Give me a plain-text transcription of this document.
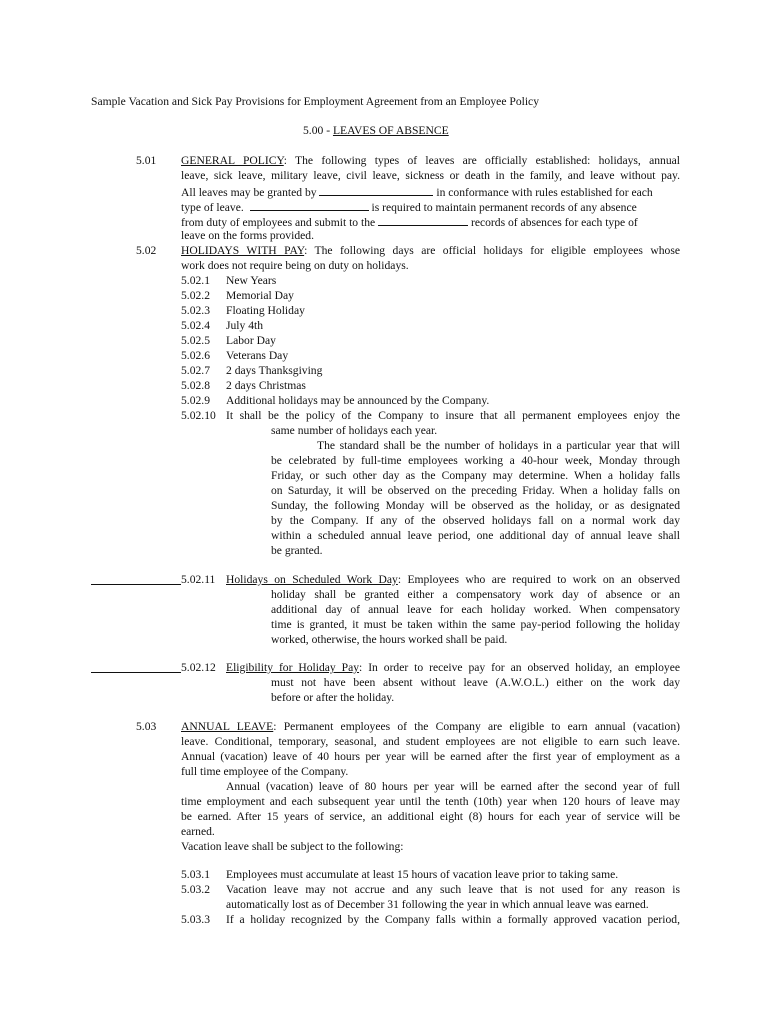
Sample Vacation and Sick Pay Provisions for Employment Agreement from an Employee Policy
5.00 - LEAVES OF ABSENCE
5.01 GENERAL POLICY: The following types of leaves are officially established: holidays, annual
leave, sick leave, military leave, civil leave, sickness or death in the family, and leave without pay.
All leaves may be granted by	in conformance with rules established for each
type of leave.	is required to maintain permanent records of any absence
from duty of employees and submit to the	records of absences for each type of
leave on the forms provided.
5.02 HOLIDAYS WITH PAY: The following days are official holidays for eligible employees whose
work does not require being on duty on holidays.
5.02.1 New Years
5.02.2 Memorial Day
5.02.3 Floating Holiday
5.02.4 July 4th
5.02.5 Labor Day
5.02.6 Veterans Day
5.02.7 2 days Thanksgiving
5.02.8 2 days Christmas
5.02.9 Additional holidays may be announced by the Company.
5.02.10 It shall be the policy of the Company to insure that all permanent employees enjoy the
same number of holidays each year.
The standard shall be the number of holidays in a particular year that will
be celebrated by full-time employees working a 40-hour week, Monday through
Friday, or such other day as the Company may determine. When a holiday falls
on Saturday, it will be observed on the preceding Friday. When a holiday falls on
Sunday, the following Monday will be observed as the holiday, or as designated
by the Company. If any of the observed holidays fall on a normal work day
within a scheduled annual leave period, one additional day of annual leave shall
be granted.
5.02.11 Holidays on Scheduled Work Day: Employees who are required to work on an observed
holiday shall be granted either a compensatory work day of absence or an
additional day of annual leave for each holiday worked. When compensatory
time is granted, it must be taken within the same pay-period following the holiday
worked, otherwise, the hours worked shall be paid.
5.02.12 Eligibility for Holiday Pay: In order to receive pay for an observed holiday, an employee
must not have been absent without leave (A.W.O.L.) either on the work day
before or after the holiday.
5.03 ANNUAL LEAVE: Permanent employees of the Company are eligible to earn annual (vacation)
leave. Conditional, temporary, seasonal, and student employees are not eligible to earn such leave.
Annual (vacation) leave of 40 hours per year will be earned after the first year of employment as a
full time employee of the Company.
Annual (vacation) leave of 80 hours per year will be earned after the second year of full
time employment and each subsequent year until the tenth (10th) year when 120 hours of leave may
be earned. After 15 years of service, an additional eight (8) hours for each year of service will be
earned.
Vacation leave shall be subject to the following:
5.03.1 Employees must accumulate at least 15 hours of vacation leave prior to taking same.
5.03.2 Vacation leave may not accrue and any such leave that is not used for any reason is
automatically lost as of December 31 following the year in which annual leave was earned.
5.03.3 If a holiday recognized by the Company falls within a formally approved vacation period,
